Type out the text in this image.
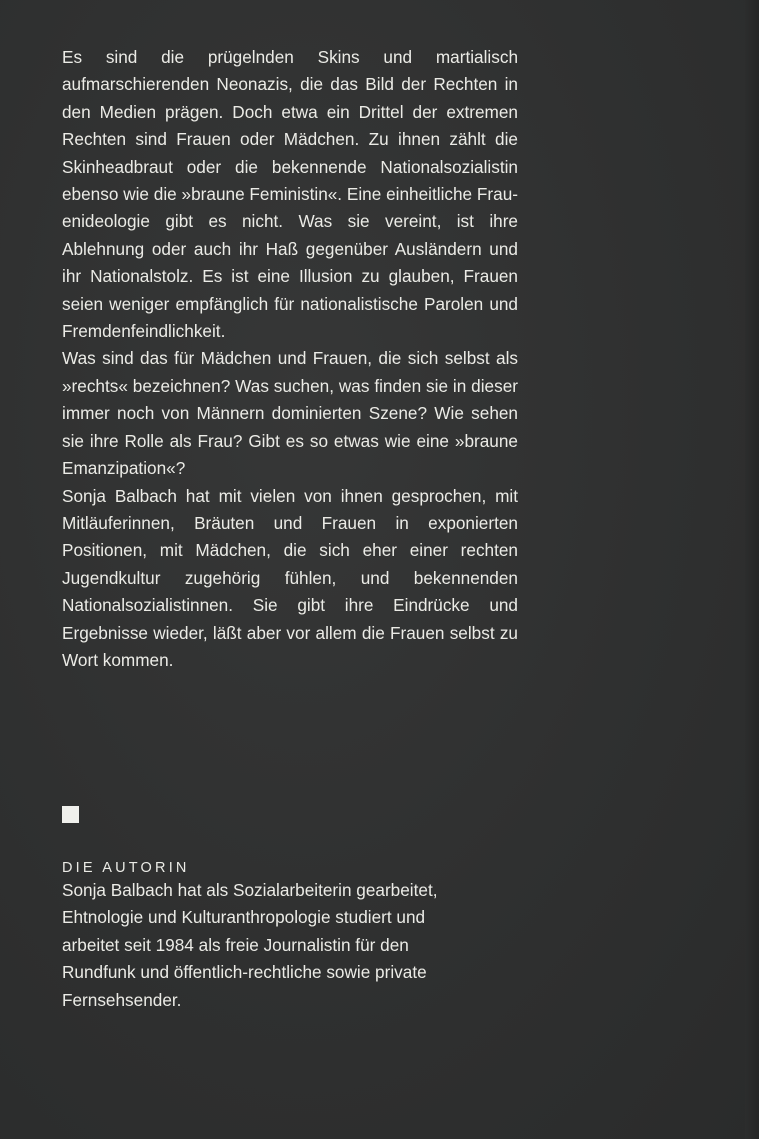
Es sind die prügelnden Skins und martialisch aufmarschierenden Neonazis, die das Bild der Rechten in den Medien prägen. Doch etwa ein Drittel der extremen Rechten sind Frauen oder Mädchen. Zu ihnen zählt die Skinheadbraut oder die bekennende Nationalsozialistin ebenso wie die »braune Feministin«. Eine einheitliche Frauenideologie gibt es nicht. Was sie vereint, ist ihre Ablehnung oder auch ihr Haß gegenüber Ausländern und ihr Nationalstolz. Es ist eine Illusion zu glauben, Frauen seien weniger empfänglich für nationalistische Parolen und Fremdenfeindlichkeit.

Was sind das für Mädchen und Frauen, die sich selbst als »rechts« bezeichnen? Was suchen, was finden sie in dieser immer noch von Männern dominierten Szene? Wie sehen sie ihre Rolle als Frau? Gibt es so etwas wie eine »braune Emanzipation«?

Sonja Balbach hat mit vielen von ihnen gesprochen, mit Mitläuferinnen, Bräuten und Frauen in exponierten Positionen, mit Mädchen, die sich eher einer rechten Jugendkultur zugehörig fühlen, und bekennenden Nationalsozialistinnen. Sie gibt ihre Eindrücke und Ergebnisse wieder, läßt aber vor allem die Frauen selbst zu Wort kommen.

DIE AUTORIN

Sonja Balbach hat als Sozialarbeiterin gearbeitet,

Ehtnologie und Kulturanthropologie studiert und

arbeitet seit 1984 als freie Journalistin für den

Rundfunk und öffentlich-rechtliche sowie private

Fernsehsender.
